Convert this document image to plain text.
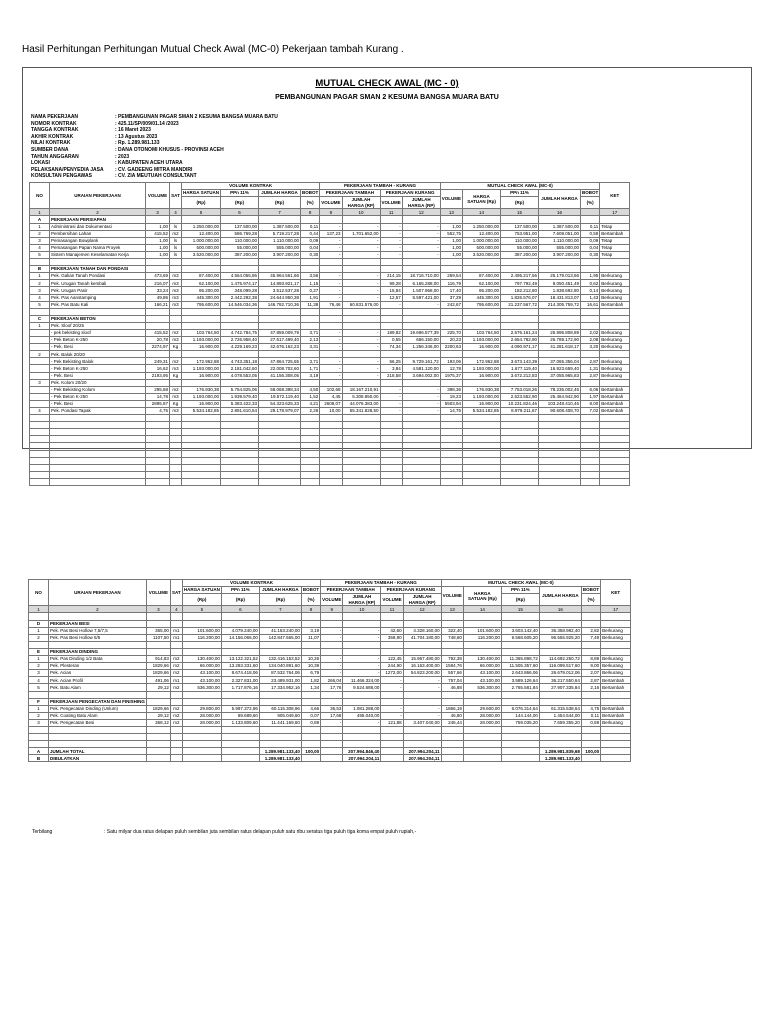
Hasil Perhitungan Perhitungan Mutual Check Awal (MC-0) Pekerjaan tambah Kurang .
MUTUAL CHECK AWAL (MC - 0)
PEMBANGUNAN PAGAR SMAN 2 KESUMA BANGSA MUARA BATU
NAMA PEKERJAAN	: PEMBANGUNAN PAGAR SMAN 2 KESUMA BANGSA MUARA BATU
NOMOR KONTRAK	: 425.11/SP/009/01.14 /2023
TANGGA KONTRAK	: 16 Maret 2023
AKHIR KONTRAK	: 13 Agustus 2023
NILAI KONTRAK	: Rp. 1.289.981.133
SUMBER DANA	: DANA OTONOMI KHUSUS - PROVINSI ACEH
TAHUN ANGGARAN	: 2023
LOKASI	: KABUPATEN ACEH UTARA
PELAKSANA/PENYEDIA JASA	: CV. GADEENG MITRA MANDIRI
KONSULTAN PENGAWAS	: CV. ZIA MEUTUAH CONSULTANT
NO	URAIAN PEKERJAAN	VOLUME	SAT	VOLUME KONTRAK				PEKERJAAN TAMBAH - KURANG				MUTUAL CHECK AWAL (MC-0)					KET
				HARGA SATUAN	PPn 11%	JUMLAH HARGA	BOBOT	PEKERJAAN TAMBAH		PEKERJAAN KURANG		VOLUME	HARGA SATUAN (Rp)	PPn 11%	JUMLAH HARGA	BOBOT	
				(Rp)	(Rp)	(Rp)	(%)	VOLUME	JUMLAH HARGA (RP)	VOLUME	JUMLAH HARGA (RP)			(Rp)		(%)	
1	2	3	4	5	6	7	8	9	10	11	12	13	14	15	16		17
A	PEKERJAAN PERSIAPAN																
1	Administrasi dan Dokumentasi	1,00	ls	1.250.000,00	137.500,00	1.387.500,00	0,11	-	-	-	-	1,00	1.250.000,00	137.500,00	1.387.500,00	0,11	Tetap
2	Pembersihan Lahan	415,52	m2	12.400,00	586.769,28	5.719.217,28	0,44	137,23	1.701.652,00	-	-	552,75	12.400,00	753.951,00	7.608.051,00	0,59	Bertambah
3	Pemasangan Bowplank	1,00	ls	1.000.000,00	110.000,00	1.110.000,00	0,09	-	-	-	-	1,00	1.000.000,00	110.000,00	1.110.000,00	0,09	Tetap
4	Pemasangan Papan Nama Proyek	1,00	ls	500.000,00	55.000,00	555.000,00	0,04	-	-	-	-	1,00	500.000,00	55.000,00	555.000,00	0,04	Tetap
5	Sistem Manajemen Keselamatan Kerja	1,00	ls	3.520.000,00	387.200,00	3.907.200,00	0,30	-	-	-	-	1,00	3.520.000,00	387.200,00	3.907.200,00	0,30	Tetap

B	PEKERJAAN TANAH DAN PONDASI																
1	Pek. Galian Tanah Pondasi	473,69	m3	87.400,00	4.564.055,86	45.964.561,66	3,56	-	-	214,15	18.716.710,00	259,54	87.400,00	2.495.217,56	25.179.013,56	1,95	Berkurang
2	Pek. Urugan Tanah kembali	216,07	m3	62.100,00	1.475.974,17	14.893.921,17	1,15	-	-	99,28	6.165.288,00	116,79	62.100,00	797.792,49	8.050.451,49	0,62	Berkurang
3	Pek. Urugan Pasir	33,24	m3	95.200,00	348.099,28	3.512.537,28	0,27	-	-	15,84	1.507.968,00	17,40	95.200,00	182.212,80	1.838.692,80	0,14	Berkurang
4	Pek. Pas Aanstamping	49,86	m3	445.300,00	2.442.292,38	24.644.950,38	1,91	-	-	12,57	5.597.421,00	37,29	445.300,00	1.826.576,07	18.431.813,07	1,43	Berkurang
5	Pek. Pas Batu Kali	166,21	m3	795.600,00	14.546.034,36	146.782.710,36	11,38	76,46	60.831.576,00	-	-	242,67	795.600,00	21.237.567,72	214.305.759,72	16,61	Bertambah

C	PEKERJAAN BETON																
1	Pek. Sloof 20/25																
	- pek bekisting sloof	415,52	m2	103.764,50	4.742.784,75	47.859.009,79	3,71	-	-	189,82	19.696.577,39	225,70	103.764,50	2.576.161,24	25.995.808,89	2,02	Berkurang
	- Pek Beton K-250	20,78	m3	1.193.000,00	2.726.958,40	27.517.499,40	2,13	-	-	0,55	656.150,00	20,23	1.193.000,00	2.654.782,90	26.789.172,90	2,08	Berkurang
	- Pek. Besi	2274,97	Kg	16.900,00	4.229.169,23	42.676.162,23	3,31	-	-	74,34	1.256.346,00	2200,63	16.900,00	4.090.971,17	41.281.618,17	3,20	Berkurang
2	Pek. Balok 20/20																
	- Pek Bekisting Balok	249,31	m2	172.962,88	4.743.351,18	47.864.725,55	3,71	-	-	56,25	9.729.161,72	193,06	172.962,88	3.673.143,39	37.065.356,04	2,87	Berkurang
	- Pek Beton K-250	16,62	m3	1.193.000,00	2.181.042,60	22.008.702,60	1,71	-	-	3,84	4.581.120,00	12,78	1.193.000,00	1.677.119,40	16.923.659,40	1,31	Berkurang
	- Pek. Besi	2193,95	Kg	16.900,00	4.078.553,05	41.156.308,05	3,19	-	-	218,58	3.694.002,00	1975,37	16.900,00	3.672.212,83	37.055.965,83	2,87	Berkurang
3	Pek. Kolom 20/20																
	- Pek Bekisting Kolom	295,68	m2	176.930,38	5.754.825,06	58.068.398,34	4,50	102,68	18.167.210,91	-	-	398,36	176.930,38	7.753.018,26	78.235.002,45	6,06	Bertambah
	- Pek Beton K-250	14,78	m3	1.193.000,00	1.939.579,40	19.572.119,40	1,52	4,45	5.308.850,00	-	-	19,23	1.193.000,00	2.523.552,90	25.464.942,90	1,97	Bertambah
	- Pek. Besi	2895,87	Kg	16.900,00	5.383.422,33	54.323.625,33	4,21	2608,07	44.076.383,00	-	-	5503,94	16.900,00	10.231.824,46	103.248.410,46	8,00	Bertambah
4	Pek. Pondasi Tapak	4,75	m3	5.534.182,85	2.891.610,54	29.178.979,07	2,26	10,00	55.341.828,50	-	-	14,75	5.534.182,85	8.979.211,67	90.608.408,70	7,02	Bertambah

NO	URAIAN PEKERJAAN	VOLUME	SAT	VOLUME KONTRAK				PEKERJAAN TAMBAH - KURANG				MUTUAL CHECK AWAL (MC-0)					KET
				HARGA SATUAN	PPn 11%	JUMLAH HARGA	BOBOT	PEKERJAAN TAMBAH		PEKERJAAN KURANG		VOLUME	HARGA SATUAN (Rp)	PPn 11%	JUMLAH HARGA	BOBOT	
				(Rp)	(Rp)	(Rp)	(%)	VOLUME	JUMLAH HARGA (RP)	VOLUME	JUMLAH HARGA (RP)			(Rp)		(%)	
1	2	3	4	5	6	7	8	9	10	11	12	13	14	15	16		17

D	PEKERJAAN BESI																
1	Pek. Pas Besi Hollow 7,5/7,5	365,00	m1	101.600,00	4.079.240,00	41.163.240,00	3,19	-	-	42,60	4.328.160,00	322,40	101.600,00	3.603.142,40	36.358.982,40	2,82	Berkurang
2	Pek. Pas Besi Hollow 5/5	1107,50	m1	116.200,00	14.156.065,00	142.847.565,00	11,07	-	-	358,90	41.704.180,00	748,60	116.200,00	9.568.605,20	96.555.925,20	7,49	Berkurang

E	PEKERJAAN DINDING																
1	Pek. Pas Dinding 1/2 Bata	914,83	m2	130.400,00	13.122.321,52	132.416.153,52	10,26	-	-	122,45	15.967.480,00	792,38	130.400,00	11.365.898,72	114.692.250,72	8,89	Berkurang
2	Pek. Plesteran	1829,66	m2	66.000,00	13.283.331,60	134.040.891,60	10,39	-	-	244,90	16.163.400,00	1584,76	66.000,00	11.505.357,60	116.099.517,60	9,00	Berkurang
3	Pek. Acian	1829,66	m2	43.100,00	8.674.418,06	87.532.764,06	6,79	-	-	1272,00	54.823.200,00	557,66	43.100,00	2.643.866,06	26.679.012,06	2,07	Berkurang
4	Pek. Acian Profil	491,06	m1	43.100,00	2.327.831,00	23.489.931,00	1,82	266,04	11.466.324,00	-	-	757,04	43.100,00	3.589.126,64	36.217.550,64	2,87	Bertambah
5	Pek. Batu Alam	29,12	m2	536.300,00	1.717.876,16	17.334.952,16	1,34	17,76	9.524.688,00	-	-	46,88	536.300,00	2.765.581,84	27.907.335,84	2,16	Bertambah

F	PEKERJAAN PENGECATAN DAN FINISHING																
1	Pek. Pengecatan Dinding (Unlum)	1829,66	m2	29.800,00	5.997.372,96	60.115.308,96	4,66	36,53	1.081.288,00	-	-	1866,19	29.600,00	6.076.314,64	61.315.538,64	4,75	Bertambah
2	Pek. Coating Batu Alam	29,12	m2	28.000,00	89.689,60	905.049,60	0,07	17,68	495.040,00	-	-	46,80	28.000,00	144.144,00	1.454.544,00	0,11	Bertambah
3	Pek. Pengecatan Besi	368,12	m2	28.000,00	1.133.809,60	11.441.169,60	0,89	-	-	121,88	3.407.040,00	246,44	28.000,00	759.035,20	7.659.355,20	0,59	Berkurang

A	JUMLAH TOTAL					1.289.981.133,40	100,00		207.994.846,40		207.994.204,11				1.289.981.839,68	100,00	
B	DIBULATKAN					1.289.981.133,40			207.994.204,11		207.994.204,11				1.289.981.133,40		
Terbilang	: Satu milyar dua ratus delapan puluh sembilan juta sembilan ratus delapan puluh satu ribu seratus tiga puluh tiga koma empat puluh rupiah,-
